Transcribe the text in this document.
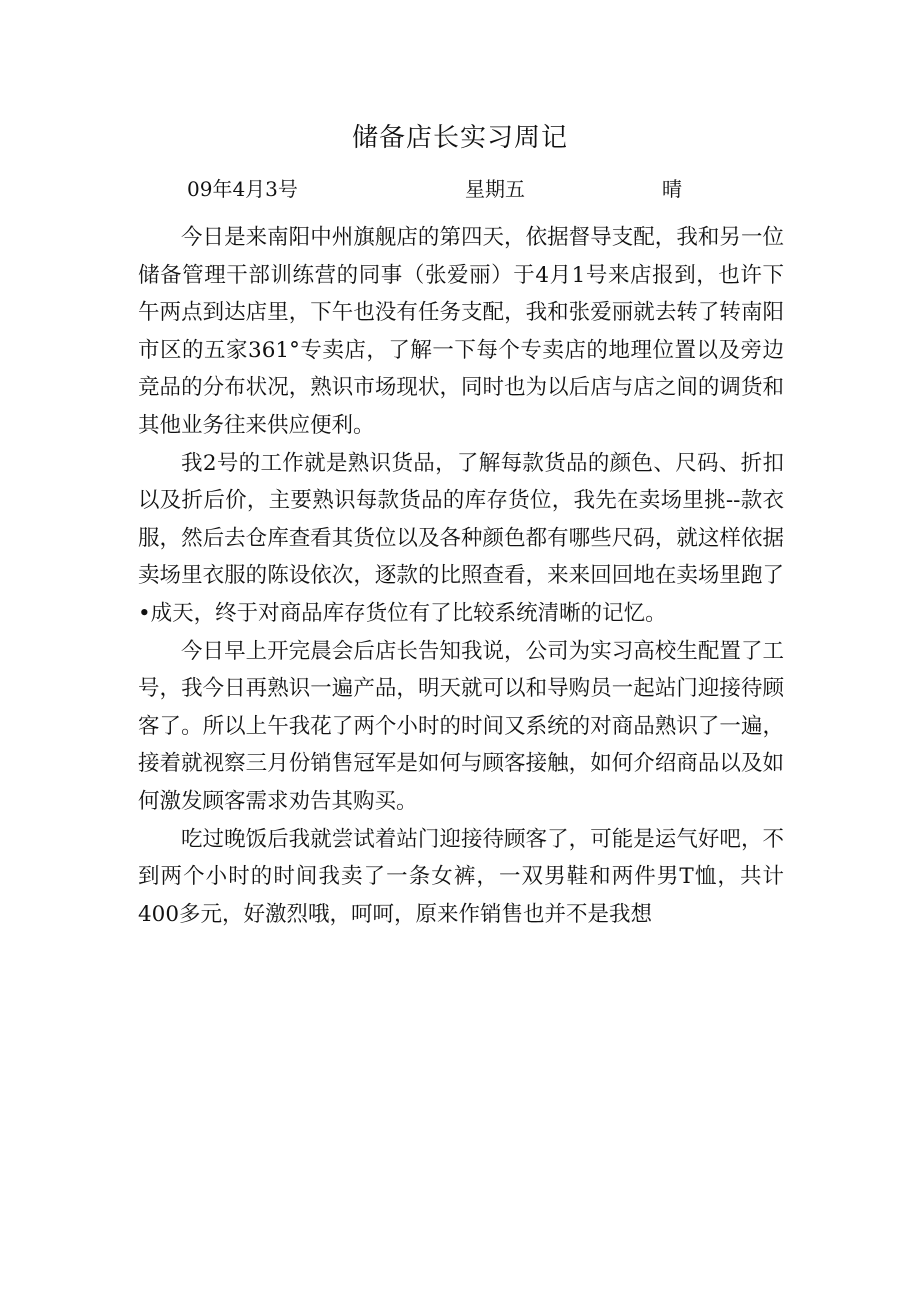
储备店长实习周记
09年4月3号	星期五	晴

今日是来南阳中州旗舰店的第四天，依据督导支配，我和另一位储备管理干部训练营的同事（张爱丽）于4月1号来店报到，也许下午两点到达店里，下午也没有任务支配，我和张爱丽就去转了转南阳市区的五家361°专卖店，了解一下每个专卖店的地理位置以及旁边竞品的分布状况，熟识市场现状，同时也为以后店与店之间的调货和其他业务往来供应便利。

我2号的工作就是熟识货品，了解每款货品的颜色、尺码、折扣以及折后价，主要熟识每款货品的库存货位，我先在卖场里挑--款衣服，然后去仓库查看其货位以及各种颜色都有哪些尺码，就这样依据卖场里衣服的陈设依次，逐款的比照查看，来来回回地在卖场里跑了•成天，终于对商品库存货位有了比较系统清晰的记忆。

今日早上开完晨会后店长告知我说，公司为实习高校生配置了工号，我今日再熟识一遍产品，明天就可以和导购员一起站门迎接待顾客了。所以上午我花了两个小时的时间又系统的对商品熟识了一遍，接着就视察三月份销售冠军是如何与顾客接触，如何介绍商品以及如何激发顾客需求劝告其购买。

吃过晚饭后我就尝试着站门迎接待顾客了，可能是运气好吧，不到两个小时的时间我卖了一条女裤，一双男鞋和两件男T恤，共计400多元，好激烈哦，呵呵，原来作销售也并不是我想
